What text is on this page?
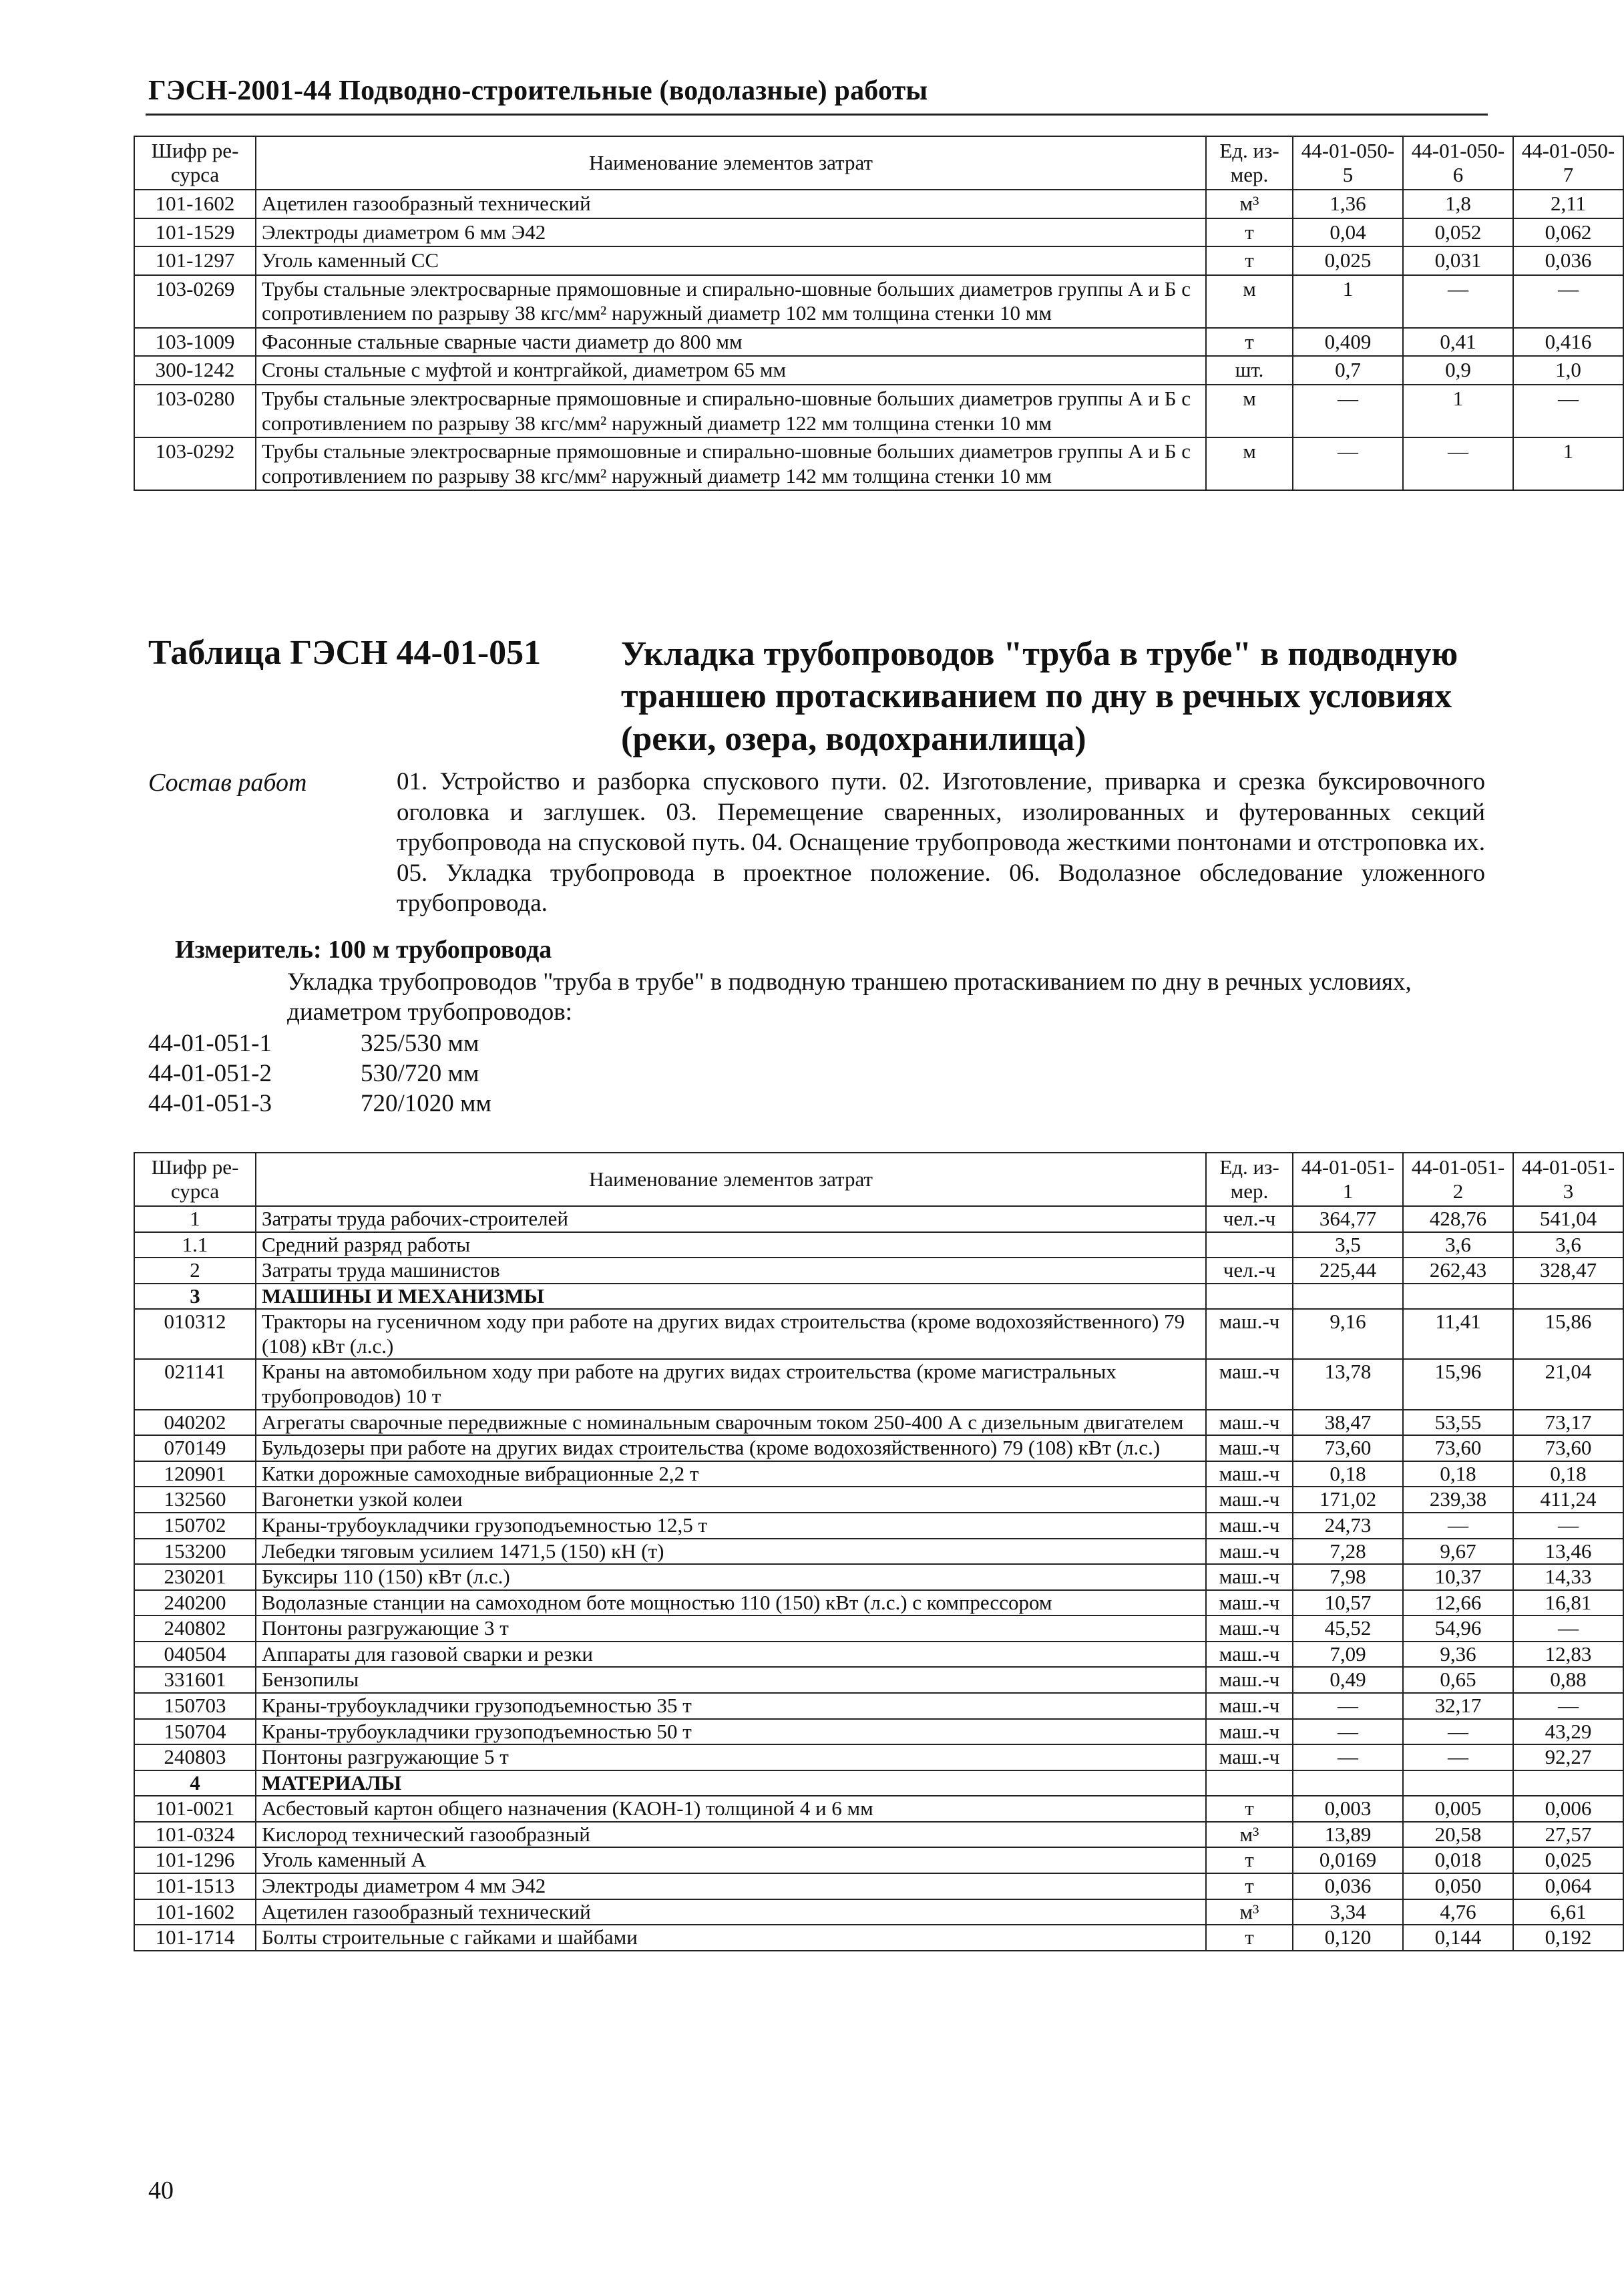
ГЭСН-2001-44 Подводно-строительные (водолазные) работы
Шифр ре-сурса	Наименование элементов затрат	Ед. из-мер.	44-01-050-5	44-01-050-6	44-01-050-7
101-1602	Ацетилен газообразный технический	м³	1,36	1,8	2,11
101-1529	Электроды диаметром 6 мм Э42	т	0,04	0,052	0,062
101-1297	Уголь каменный СС	т	0,025	0,031	0,036
103-0269	Трубы стальные электросварные прямошовные и спирально-шовные больших диаметров группы А и Б с сопротивлением по разрыву 38 кгс/мм² наружный диаметр 102 мм толщина стенки 10 мм	м	1	—	—
103-1009	Фасонные стальные сварные части диаметр до 800 мм	т	0,409	0,41	0,416
300-1242	Сгоны стальные с муфтой и контргайкой, диаметром 65 мм	шт.	0,7	0,9	1,0
103-0280	Трубы стальные электросварные прямошовные и спирально-шовные больших диаметров группы А и Б с сопротивлением по разрыву 38 кгс/мм² наружный диаметр 122 мм толщина стенки 10 мм	м	—	1	—
103-0292	Трубы стальные электросварные прямошовные и спирально-шовные больших диаметров группы А и Б с сопротивлением по разрыву 38 кгс/мм² наружный диаметр 142 мм толщина стенки 10 мм	м	—	—	1
Таблица ГЭСН 44-01-051 Укладка трубопроводов "труба в трубе" в подводную траншею протаскиванием по дну в речных условиях (реки, озера, водохранилища)
Состав работ	01. Устройство и разборка спускового пути. 02. Изготовление, приварка и срезка буксировочного оголовка и заглушек. 03. Перемещение сваренных, изолированных и футерованных секций трубопровода на спусковой путь. 04. Оснащение трубопровода жесткими понтонами и отстроповка их. 05. Укладка трубопровода в проектное положение. 06. Водолазное обследование уложенного трубопровода.
Измеритель: 100 м трубопровода
Укладка трубопроводов "труба в трубе" в подводную траншею протаскиванием по дну в речных условиях, диаметром трубопроводов:
44-01-051-1	325/530 мм
44-01-051-2	530/720 мм
44-01-051-3	720/1020 мм
Шифр ре-сурса	Наименование элементов затрат	Ед. из-мер.	44-01-051-1	44-01-051-2	44-01-051-3
1	Затраты труда рабочих-строителей	чел.-ч	364,77	428,76	541,04
1.1	Средний разряд работы		3,5	3,6	3,6
2	Затраты труда машинистов	чел.-ч	225,44	262,43	328,47
3	МАШИНЫ И МЕХАНИЗМЫ				
010312	Тракторы на гусеничном ходу при работе на других видах строительства (кроме водохозяйственного) 79 (108) кВт (л.с.)	маш.-ч	9,16	11,41	15,86
021141	Краны на автомобильном ходу при работе на других видах строительства (кроме магистральных трубопроводов) 10 т	маш.-ч	13,78	15,96	21,04
040202	Агрегаты сварочные передвижные с номинальным сварочным током 250-400 А с дизельным двигателем	маш.-ч	38,47	53,55	73,17
070149	Бульдозеры при работе на других видах строительства (кроме водохозяйственного) 79 (108) кВт (л.с.)	маш.-ч	73,60	73,60	73,60
120901	Катки дорожные самоходные вибрационные 2,2 т	маш.-ч	0,18	0,18	0,18
132560	Вагонетки узкой колеи	маш.-ч	171,02	239,38	411,24
150702	Краны-трубоукладчики грузоподъемностью 12,5 т	маш.-ч	24,73	—	—
153200	Лебедки тяговым усилием 1471,5 (150) кН (т)	маш.-ч	7,28	9,67	13,46
230201	Буксиры 110 (150) кВт (л.с.)	маш.-ч	7,98	10,37	14,33
240200	Водолазные станции на самоходном боте мощностью 110 (150) кВт (л.с.) с компрессором	маш.-ч	10,57	12,66	16,81
240802	Понтоны разгружающие 3 т	маш.-ч	45,52	54,96	—
040504	Аппараты для газовой сварки и резки	маш.-ч	7,09	9,36	12,83
331601	Бензопилы	маш.-ч	0,49	0,65	0,88
150703	Краны-трубоукладчики грузоподъемностью 35 т	маш.-ч	—	32,17	—
150704	Краны-трубоукладчики грузоподъемностью 50 т	маш.-ч	—	—	43,29
240803	Понтоны разгружающие 5 т	маш.-ч	—	—	92,27
4	МАТЕРИАЛЫ				
101-0021	Асбестовый картон общего назначения (КАОН-1) толщиной 4 и 6 мм	т	0,003	0,005	0,006
101-0324	Кислород технический газообразный	м³	13,89	20,58	27,57
101-1296	Уголь каменный А	т	0,0169	0,018	0,025
101-1513	Электроды диаметром 4 мм Э42	т	0,036	0,050	0,064
101-1602	Ацетилен газообразный технический	м³	3,34	4,76	6,61
101-1714	Болты строительные с гайками и шайбами	т	0,120	0,144	0,192
40
